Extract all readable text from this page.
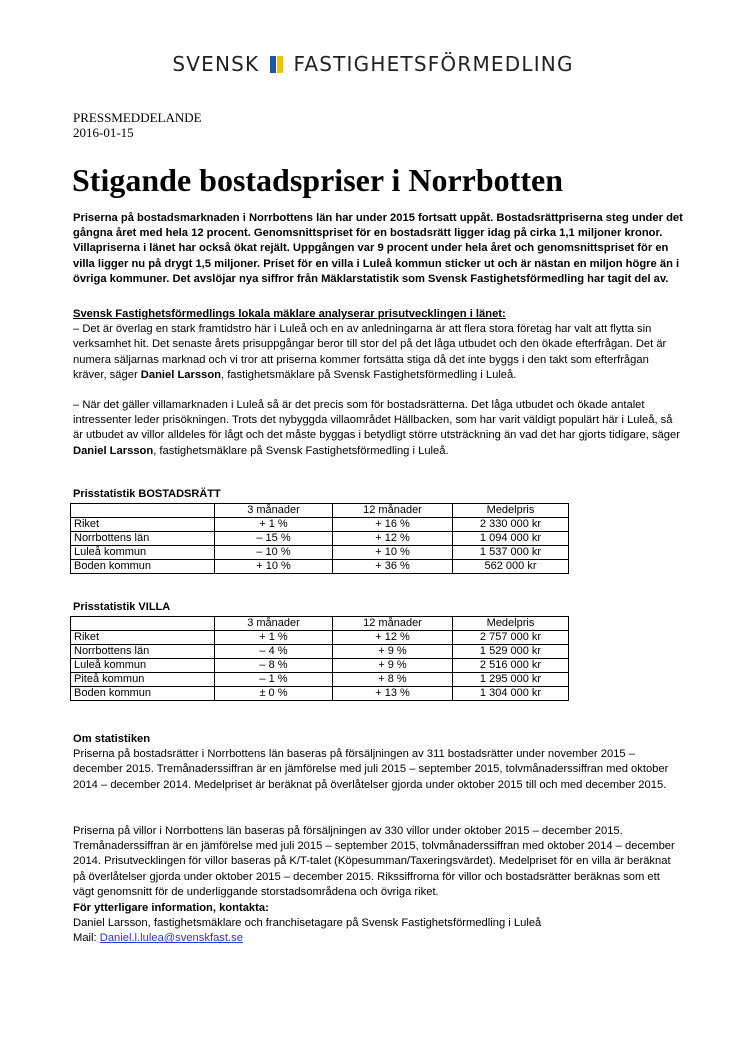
SVENSK FASTIGHETSFÖRMEDLING
PRESSMEDDELANDE
2016-01-15
Stigande bostadspriser i Norrbotten
Priserna på bostadsmarknaden i Norrbottens län har under 2015 fortsatt uppåt. Bostadsrättpriserna steg under det gångna året med hela 12 procent. Genomsnittspriset för en bostadsrätt ligger idag på cirka 1,1 miljoner kronor. Villapriserna i länet har också ökat rejält. Uppgången var 9 procent under hela året och genomsnittspriset för en villa ligger nu på drygt 1,5 miljoner. Priset för en villa i Luleå kommun sticker ut och är nästan en miljon högre än i övriga kommuner. Det avslöjar nya siffror från Mäklarstatistik som Svensk Fastighetsförmedling har tagit del av.
Svensk Fastighetsförmedlings lokala mäklare analyserar prisutvecklingen i länet:
– Det är överlag en stark framtidstro här i Luleå och en av anledningarna är att flera stora företag har valt att flytta sin verksamhet hit. Det senaste årets prisuppgångar beror till stor del på det låga utbudet och den ökade efterfrågan. Det är numera säljarnas marknad och vi tror att priserna kommer fortsätta stiga då det inte byggs i den takt som efterfrågan kräver, säger Daniel Larsson, fastighetsmäklare på Svensk Fastighetsförmedling i Luleå.
– När det gäller villamarknaden i Luleå så är det precis som för bostadsrätterna. Det låga utbudet och ökade antalet intressenter leder prisökningen. Trots det nybyggda villaområdet Hällbacken, som har varit väldigt populärt här i Luleå, så är utbudet av villor alldeles för lågt och det måste byggas i betydligt större utsträckning än vad det har gjorts tidigare, säger Daniel Larsson, fastighetsmäklare på Svensk Fastighetsförmedling i Luleå.
Prisstatistik BOSTADSRÄTT
	3 månader	12 månader	Medelpris
Riket	+ 1 %	+ 16 %	2 330 000 kr
Norrbottens län	– 15 %	+ 12 %	1 094 000 kr
Luleå kommun	– 10 %	+ 10 %	1 537 000 kr
Boden kommun	+ 10 %	+ 36 %	562 000 kr
Prisstatistik VILLA
	3 månader	12 månader	Medelpris
Riket	+ 1 %	+ 12 %	2 757 000 kr
Norrbottens län	– 4 %	+ 9 %	1 529 000 kr
Luleå kommun	– 8 %	+ 9 %	2 516 000 kr
Piteå kommun	– 1 %	+ 8 %	1 295 000 kr
Boden kommun	± 0 %	+ 13 %	1 304 000 kr
Om statistiken
Priserna på bostadsrätter i Norrbottens län baseras på försäljningen av 311 bostadsrätter under november 2015 – december 2015. Tremånaderssiffran är en jämförelse med juli 2015 – september 2015, tolvmånaderssiffran med oktober 2014 – december 2014. Medelpriset är beräknat på överlåtelser gjorda under oktober 2015 till och med december 2015.
Priserna på villor i Norrbottens län baseras på försäljningen av 330 villor under oktober 2015 – december 2015. Tremånaderssiffran är en jämförelse med juli 2015 – september 2015, tolvmånaderssiffran med oktober 2014 – december 2014. Prisutvecklingen för villor baseras på K/T-talet (Köpesumman/Taxeringsvärdet). Medelpriset för en villa är beräknat på överlåtelser gjorda under oktober 2015 – december 2015. Rikssiffrorna för villor och bostadsrätter beräknas som ett vägt genomsnitt för de underliggande storstadsområdena och övriga riket.
För ytterligare information, kontakta:
Daniel Larsson, fastighetsmäklare och franchisetagare på Svensk Fastighetsförmedling i Luleå
Mail: Daniel.l.lulea@svenskfast.se
